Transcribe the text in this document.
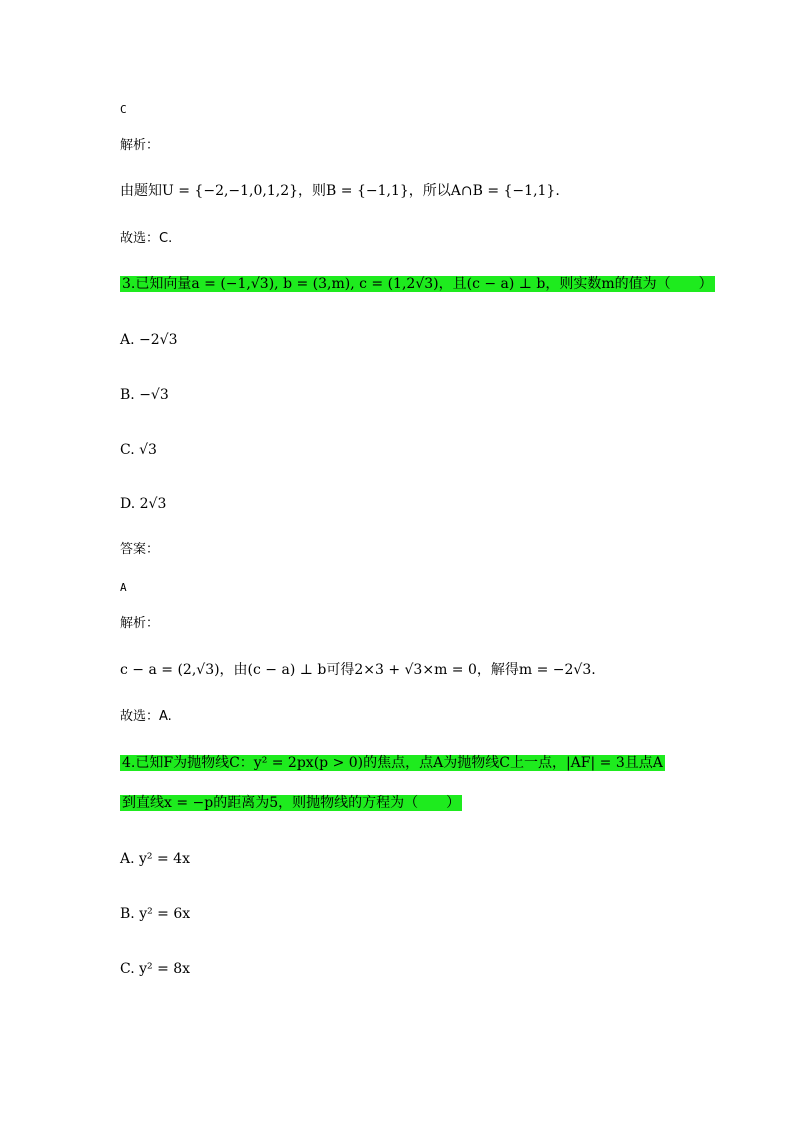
C
解析：
由题知U = {−2,−1,0,1,2}，则B = {−1,1}，所以A∩B = {−1,1}.
故选：C.
3.已知向量a = (−1,√3), b = (3,m), c = (1,2√3)，且(c − a) ⊥ b，则实数m的值为（　　）
A. −2√3
B. −√3
C. √3
D. 2√3
答案：
A
解析：
c − a = (2,√3)，由(c − a) ⊥ b可得2×3 + √3×m = 0，解得m = −2√3.
故选：A.
4.已知F为抛物线C：y² = 2px(p > 0)的焦点，点A为抛物线C上一点，|AF| = 3且点A
到直线x = −p的距离为5，则抛物线的方程为（　　）
A. y² = 4x
B. y² = 6x
C. y² = 8x
